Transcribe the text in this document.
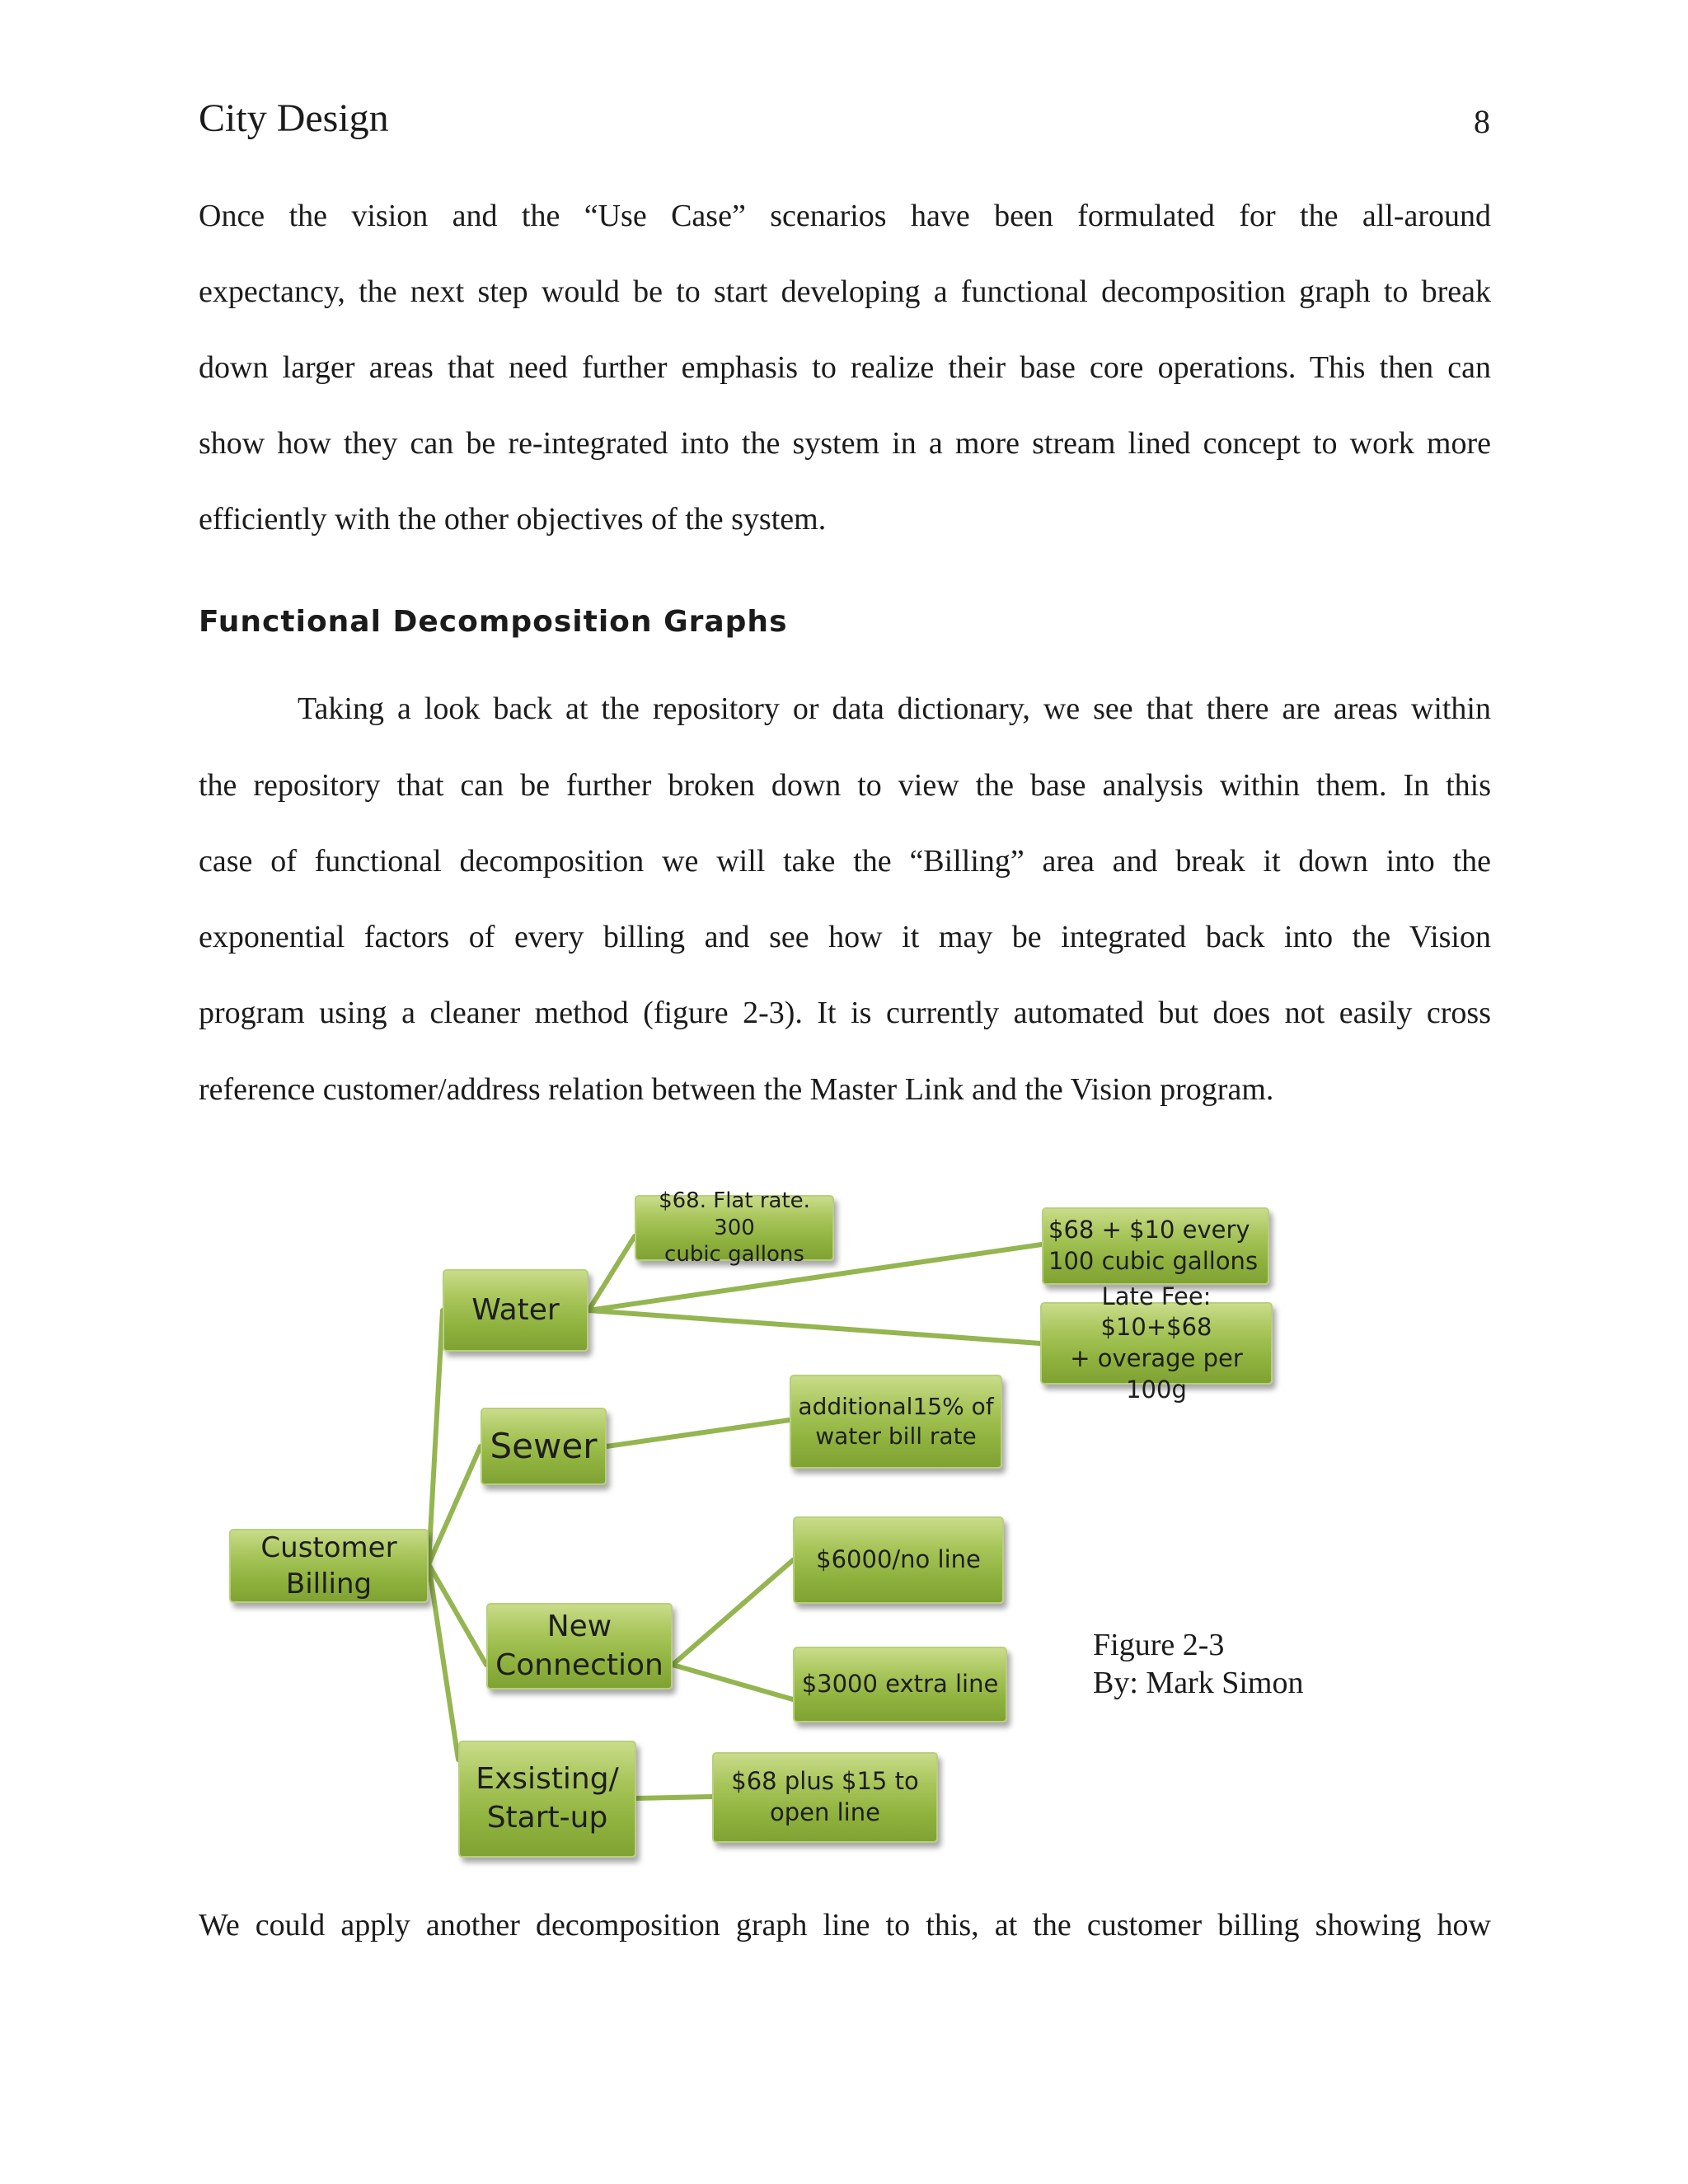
City Design	8
Once the vision and the “Use Case” scenarios have been formulated for the all-around
expectancy, the next step would be to start developing a functional decomposition graph to break
down larger areas that need further emphasis to realize their base core operations. This then can
show how they can be re-integrated into the system in a more stream lined concept to work more
efficiently with the other objectives of the system.
Functional Decomposition Graphs
Taking a look back at the repository or data dictionary, we see that there are areas within
the repository that can be further broken down to view the base analysis within them. In this
case of functional decomposition we will take the “Billing” area and break it down into the
exponential factors of every billing and see how it may be integrated back into the Vision
program using a cleaner method (figure 2-3). It is currently automated but does not easily cross
reference customer/address relation between the Master Link and the Vision program.
Customer
Billing
Water
Sewer
New
Connection
Exsisting/
Start-up
$68. Flat rate. 300
cubic gallons
$68 + $10 every
100 cubic gallons
Late Fee: $10+$68
+ overage per 100g
additional15% of
water bill rate
$6000/no line
$3000 extra line
$68 plus $15 to
open line
Figure 2-3
By: Mark Simon
We could apply another decomposition graph line to this, at the customer billing showing how
